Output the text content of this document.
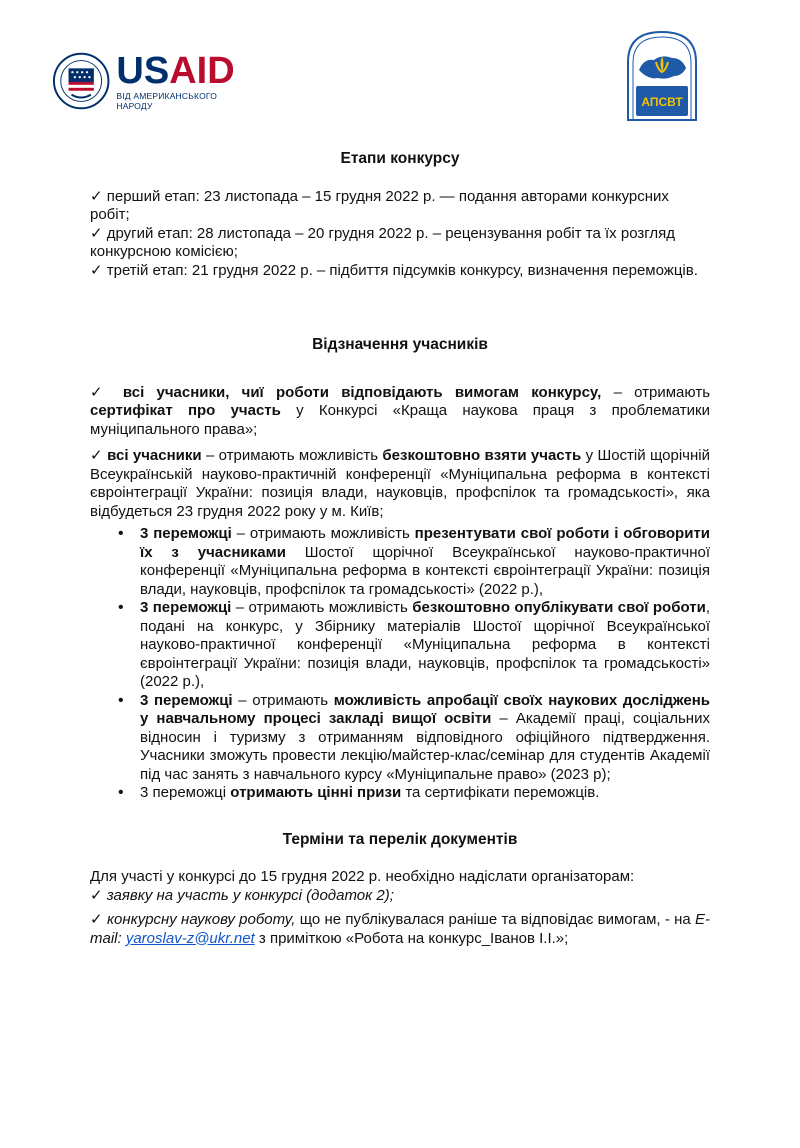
USAID
ВІД АМЕРИКАНСЬКОГО НАРОДУ	АПСВТ
Етапи конкурсу
✓ перший етап: 23 листопада – 15 грудня 2022 р. — подання авторами конкурсних робіт;
✓ другий етап: 28 листопада – 20 грудня 2022 р. – рецензування робіт та їх розгляд конкурсною комісією;
✓ третій етап: 21 грудня 2022 р. – підбиття підсумків конкурсу, визначення переможців.
Відзначення учасників
✓ всі учасники, чиї роботи відповідають вимогам конкурсу, – отримають сертифікат про участь у Конкурсі «Краща наукова праця з проблематики муніципального права»;
✓ всі учасники – отримають можливість безкоштовно взяти участь у Шостій щорічній Всеукраїнській науково-практичній конференції «Муніципальна реформа в контексті євроінтеграції України: позиція влади, науковців, профспілок та громадськості», яка відбудеться 23 грудня 2022 року у м. Київ;
• 3 переможці – отримають можливість презентувати свої роботи і обговорити їх з учасниками Шостої щорічної Всеукраїнської науково-практичної конференції «Муніципальна реформа в контексті євроінтеграції України: позиція влади, науковців, профспілок та громадськості» (2022 р.),
• 3 переможці – отримають можливість безкоштовно опублікувати свої роботи, подані на конкурс, у Збірнику матеріалів Шостої щорічної Всеукраїнської науково-практичної конференції «Муніципальна реформа в контексті євроінтеграції України: позиція влади, науковців, профспілок та громадськості» (2022 р.),
• 3 переможці – отримають можливість апробації своїх наукових досліджень у навчальному процесі закладі вищої освіти – Академії праці, соціальних відносин і туризму з отриманням відповідного офіційного підтвердження. Учасники зможуть провести лекцію/майстер-клас/семінар для студентів Академії під час занять з навчального курсу «Муніципальне право» (2023 р);
• 3 переможці отримають цінні призи та сертифікати переможців.
Терміни та перелік документів
Для участі у конкурсі до 15 грудня 2022 р. необхідно надіслати організаторам:
✓ заявку на участь у конкурсі (додаток 2);
✓ конкурсну наукову роботу, що не публікувалася раніше та відповідає вимогам, - на E-mail: yaroslav-z@ukr.net з приміткою «Робота на конкурс_Іванов І.І.»;
